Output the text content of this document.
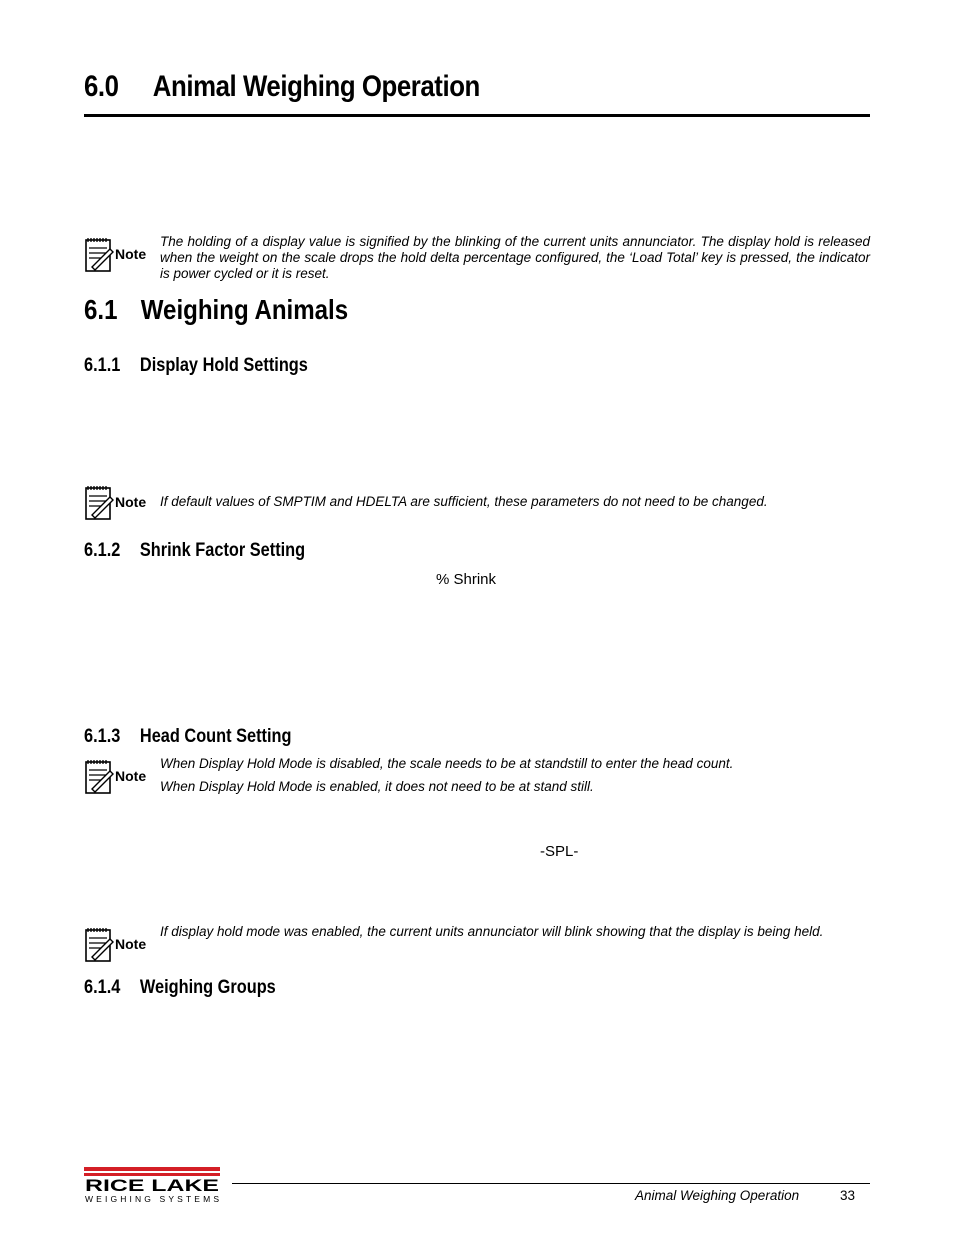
6.0 Animal Weighing Operation
Note
The holding of a display value is signified by the blinking of the current units annunciator. The display hold is released when the weight on the scale drops the hold delta percentage configured, the ‘Load Total’ key is pressed, the indicator is power cycled or it is reset.
6.1 Weighing Animals
6.1.1 Display Hold Settings
Note If default values of SMPTIM and HDELTA are sufficient, these parameters do not need to be changed.
6.1.2 Shrink Factor Setting
% Shrink
6.1.3 Head Count Setting
Note
When Display Hold Mode is disabled, the scale needs to be at standstill to enter the head count.
When Display Hold Mode is enabled, it does not need to be at stand still.
-SPL-
Note
If display hold mode was enabled, the current units annunciator will blink showing that the display is being held.
6.1.4 Weighing Groups
RICE LAKE
WEIGHING SYSTEMS	Animal Weighing Operation	33
